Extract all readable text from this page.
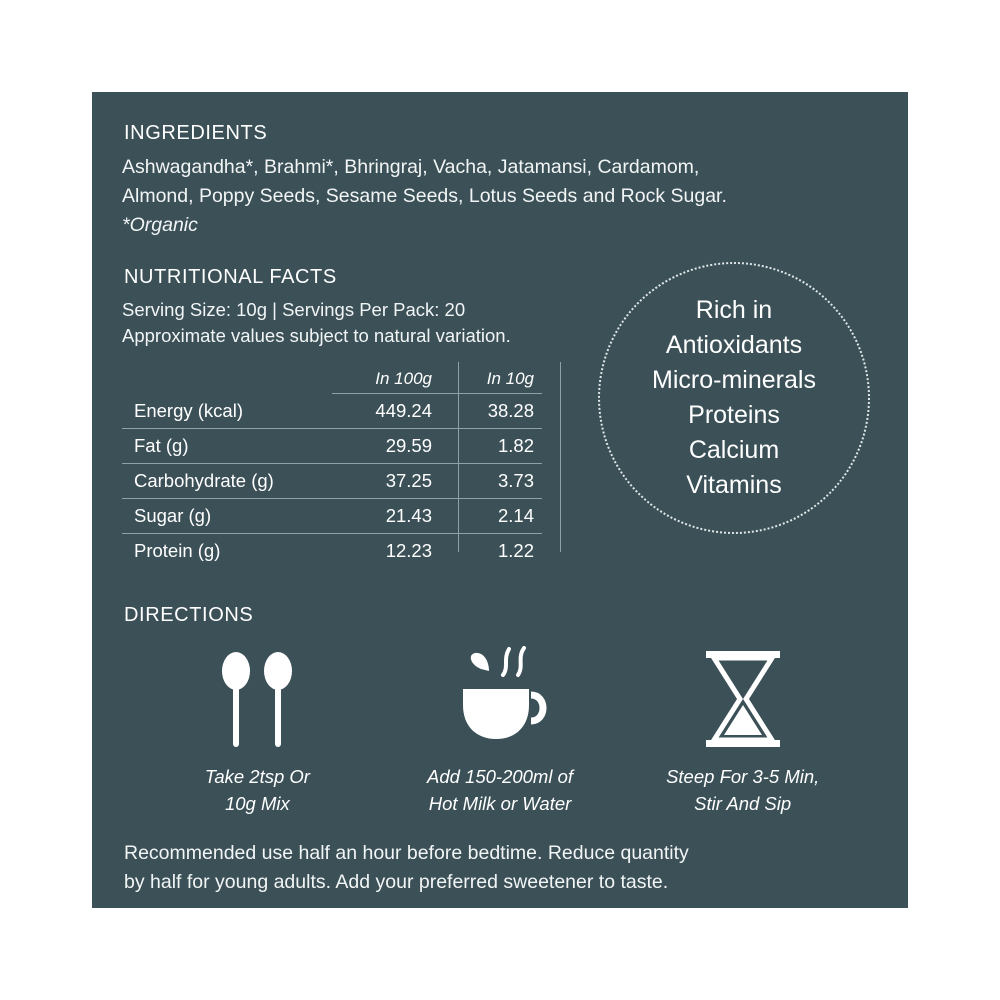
INGREDIENTS

Ashwagandha*, Brahmi*, Bhringraj, Vacha, Jatamansi, Cardamom,

Almond, Poppy Seeds, Sesame Seeds, Lotus Seeds and Rock Sugar.

*Organic

NUTRITIONAL FACTS

Serving Size: 10g | Servings Per Pack: 20

Approximate values subject to natural variation.

	In 100g	In 10g
Energy (kcal)	449.24	38.28
Fat (g)	29.59	1.82
Carbohydrate (g)	37.25	3.73
Sugar (g)	21.43	2.14
Protein (g)	12.23	1.22
Rich in
Antioxidants
Micro-minerals
Proteins
Calcium
Vitamins
DIRECTIONS
Take 2tsp Or
10g Mix
Add 150-200ml of
Hot Milk or Water
Steep For 3-5 Min,
Stir And Sip
Recommended use half an hour before bedtime. Reduce quantity
by half for young adults. Add your preferred sweetener to taste.
